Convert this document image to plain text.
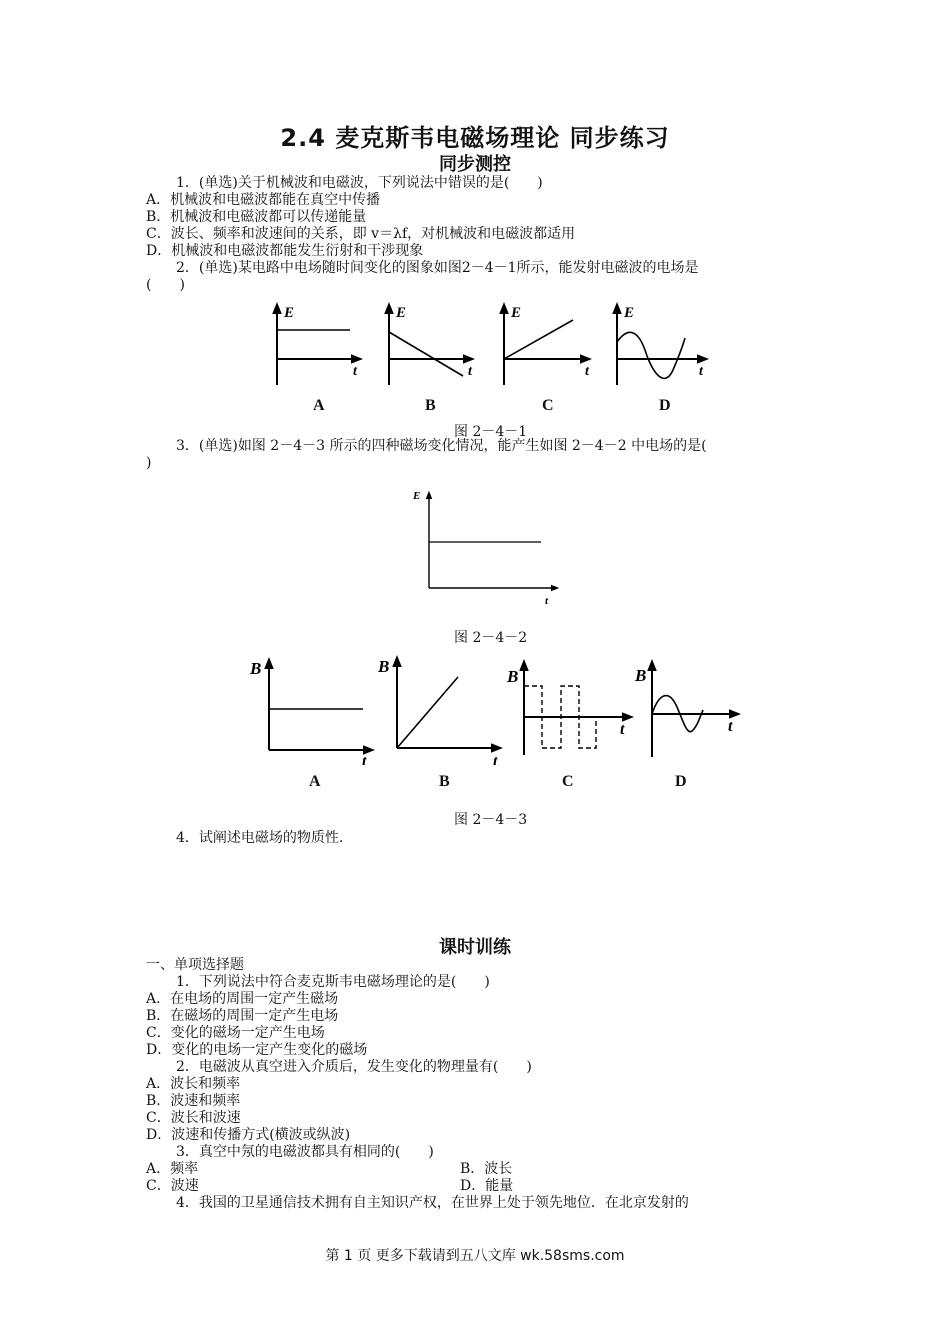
2.4 麦克斯韦电磁场理论 同步练习
同步测控
1．(单选)关于机械波和电磁波，下列说法中错误的是(　　)
A．机械波和电磁波都能在真空中传播
B．机械波和电磁波都可以传递能量
C．波长、频率和波速间的关系，即 v＝λf，对机械波和电磁波都适用
D．机械波和电磁波都能发生衍射和干涉现象
2．(单选)某电路中电场随时间变化的图象如图2－4－1所示，能发射电磁波的电场是
(　　)
E
t
E
t
E
t
E
t
A	B	C	D
图 2－4－1
3．(单选)如图 2－4－3 所示的四种磁场变化情况，能产生如图 2－4－2 中电场的是(
)
E
t
图 2－4－2
B
t
B
t
B
t
B
t
A	B	C	D
图 2－4－3
4．试阐述电磁场的物质性.
课时训练
一、单项选择题
1．下列说法中符合麦克斯韦电磁场理论的是(　　)
A．在电场的周围一定产生磁场
B．在磁场的周围一定产生电场
C．变化的磁场一定产生电场
D．变化的电场一定产生变化的磁场
2．电磁波从真空进入介质后，发生变化的物理量有(　　)
A．波长和频率
B．波速和频率
C．波长和波速
D．波速和传播方式(横波或纵波)
3．真空中氖的电磁波都具有相同的(　　)
A．频率	B．波长
C．波速	D．能量
4．我国的卫星通信技术拥有自主知识产权，在世界上处于领先地位．在北京发射的
第 1 页 更多下载请到五八文库 wk.58sms.com
